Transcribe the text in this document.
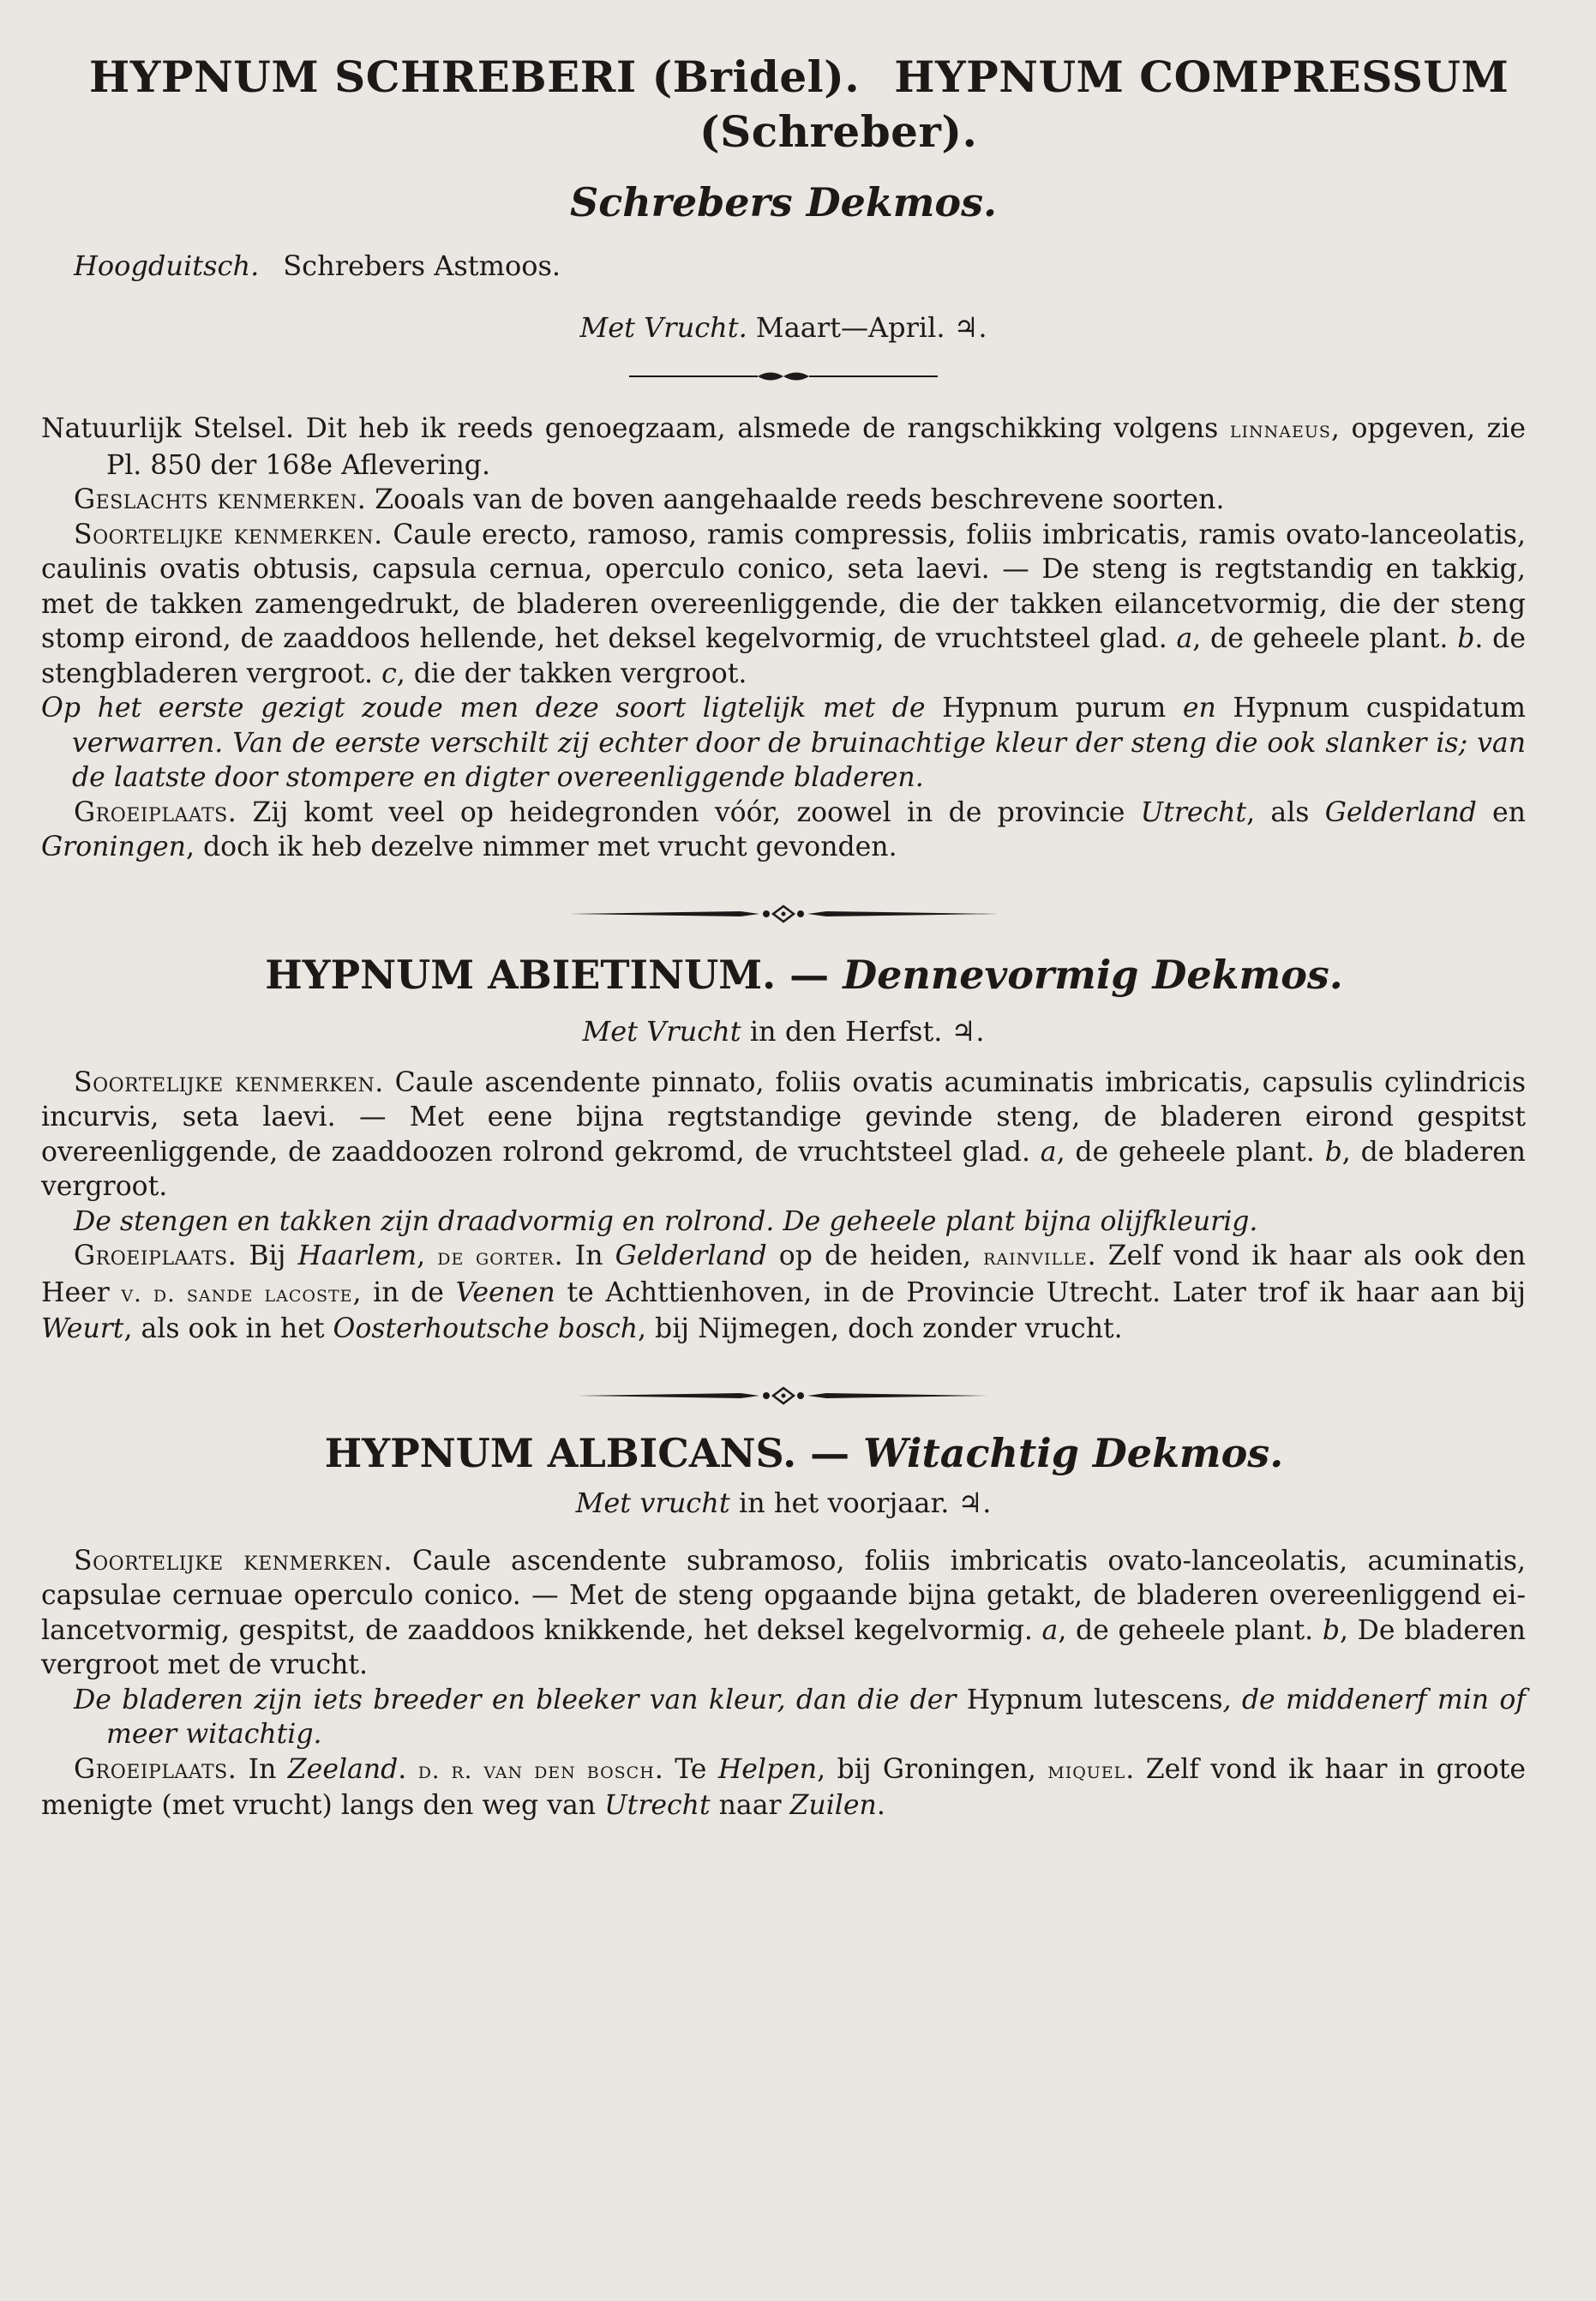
HYPNUM SCHREBERI (Bridel). HYPNUM COMPRESSUM
(Schreber).
Schrebers Dekmos.
Hoogduitsch. Schrebers Astmoos.
Met Vrucht. Maart—April. ♃.

Natuurlijk Stelsel. Dit heb ik reeds genoegzaam, alsmede de rangschikking volgens linnaeus, opgeven, zie Pl. 850 der 168e Aflevering.

Geslachts kenmerken. Zooals van de boven aangehaalde reeds beschrevene soorten.

Soortelijke kenmerken. Caule erecto, ramoso, ramis compressis, foliis imbricatis, ramis ovato-lanceolatis, caulinis ovatis obtusis, capsula cernua, operculo conico, seta laevi. — De steng is regtstandig en takkig, met de takken zamengedrukt, de bladeren overeenliggende, die der takken eilancetvormig, die der steng stomp eirond, de zaaddoos hellende, het deksel kegelvormig, de vruchtsteel glad. a, de geheele plant. b. de stengbladeren vergroot. c, die der takken vergroot.

Op het eerste gezigt zoude men deze soort ligtelijk met de Hypnum purum en Hypnum cuspidatum verwarren. Van de eerste verschilt zij echter door de bruinachtige kleur der steng die ook slanker is; van de laatste door stompere en digter overeenliggende bladeren.

Groeiplaats. Zij komt veel op heidegronden vóór, zoowel in de provincie Utrecht, als Gelderland en Groningen, doch ik heb dezelve nimmer met vrucht gevonden.

HYPNUM ABIETINUM. — Dennevormig Dekmos.
Met Vrucht in den Herfst. ♃.

Soortelijke kenmerken. Caule ascendente pinnato, foliis ovatis acuminatis imbricatis, capsulis cylindricis incurvis, seta laevi. — Met eene bijna regtstandige gevinde steng, de bladeren eirond gespitst overeenliggende, de zaaddoozen rolrond gekromd, de vruchtsteel glad. a, de geheele plant. b, de bladeren vergroot.

De stengen en takken zijn draadvormig en rolrond. De geheele plant bijna olijfkleurig.

Groeiplaats. Bij Haarlem, de gorter. In Gelderland op de heiden, rainville. Zelf vond ik haar als ook den Heer v. d. sande lacoste, in de Veenen te Achttienhoven, in de Provincie Utrecht. Later trof ik haar aan bij Weurt, als ook in het Oosterhoutsche bosch, bij Nijmegen, doch zonder vrucht.

HYPNUM ALBICANS. — Witachtig Dekmos.
Met vrucht in het voorjaar. ♃.

Soortelijke kenmerken. Caule ascendente subramoso, foliis imbricatis ovato-lanceolatis, acuminatis, capsulae cernuae operculo conico. — Met de steng opgaande bijna getakt, de bladeren overeenliggend ei-lancetvormig, gespitst, de zaaddoos knikkende, het deksel kegelvormig. a, de geheele plant. b, De bladeren vergroot met de vrucht.

De bladeren zijn iets breeder en bleeker van kleur, dan die der Hypnum lutescens, de middenerf min of meer witachtig.

Groeiplaats. In Zeeland. d. r. van den bosch. Te Helpen, bij Groningen, miquel. Zelf vond ik haar in groote menigte (met vrucht) langs den weg van Utrecht naar Zuilen.
